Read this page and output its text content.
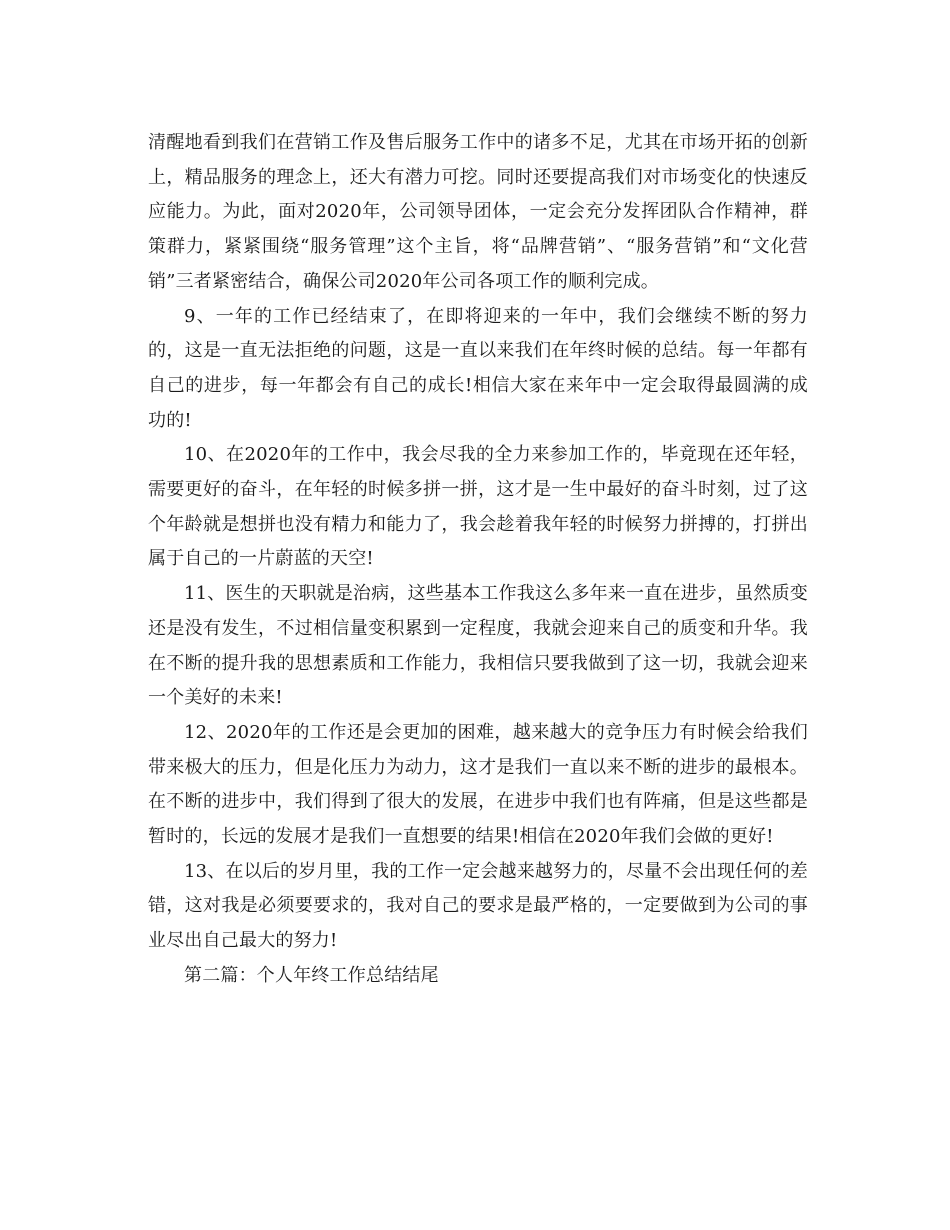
清醒地看到我们在营销工作及售后服务工作中的诸多不足，尤其在市场开拓的创新上，精品服务的理念上，还大有潜力可挖。同时还要提高我们对市场变化的快速反应能力。为此，面对2020年，公司领导团体，一定会充分发挥团队合作精神，群策群力，紧紧围绕“服务管理”这个主旨，将“品牌营销”、“服务营销”和“文化营销”三者紧密结合，确保公司2020年公司各项工作的顺利完成。

9、一年的工作已经结束了，在即将迎来的一年中，我们会继续不断的努力的，这是一直无法拒绝的问题，这是一直以来我们在年终时候的总结。每一年都有自己的进步，每一年都会有自己的成长!相信大家在来年中一定会取得最圆满的成功的!

10、在2020年的工作中，我会尽我的全力来参加工作的，毕竟现在还年轻，需要更好的奋斗，在年轻的时候多拼一拼，这才是一生中最好的奋斗时刻，过了这个年龄就是想拼也没有精力和能力了，我会趁着我年轻的时候努力拼搏的，打拼出属于自己的一片蔚蓝的天空!

11、医生的天职就是治病，这些基本工作我这么多年来一直在进步，虽然质变还是没有发生，不过相信量变积累到一定程度，我就会迎来自己的质变和升华。我在不断的提升我的思想素质和工作能力，我相信只要我做到了这一切，我就会迎来一个美好的未来!

12、2020年的工作还是会更加的困难，越来越大的竞争压力有时候会给我们带来极大的压力，但是化压力为动力，这才是我们一直以来不断的进步的最根本。在不断的进步中，我们得到了很大的发展，在进步中我们也有阵痛，但是这些都是暂时的，长远的发展才是我们一直想要的结果!相信在2020年我们会做的更好!

13、在以后的岁月里，我的工作一定会越来越努力的，尽量不会出现任何的差错，这对我是必须要要求的，我对自己的要求是最严格的，一定要做到为公司的事业尽出自己最大的努力!

第二篇：个人年终工作总结结尾
